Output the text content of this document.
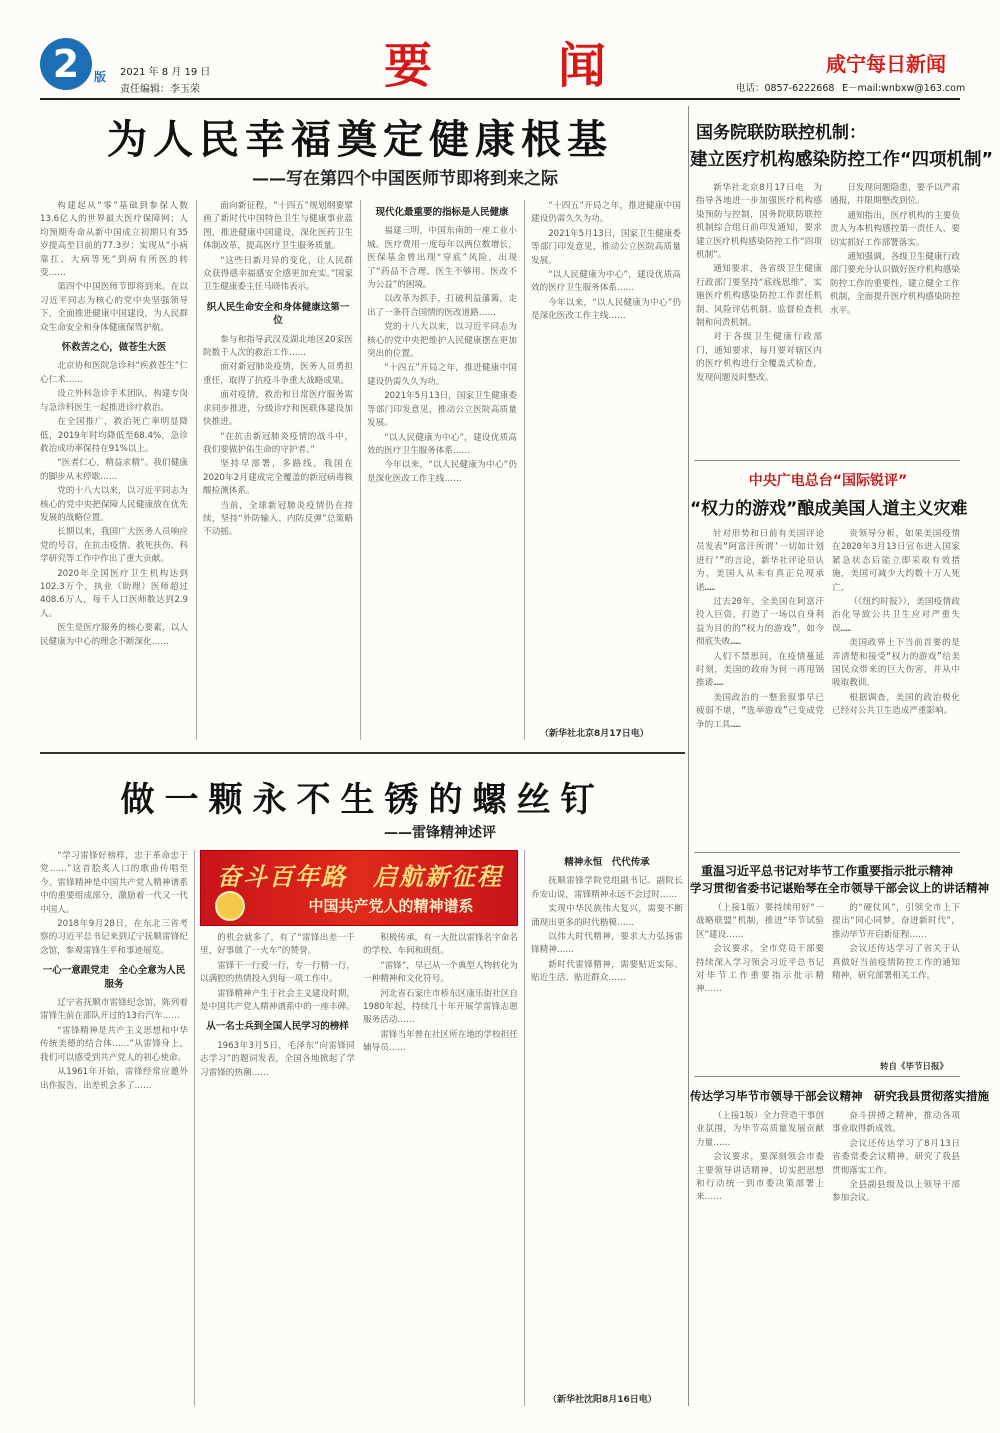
2	版 2021 年 8 月 19 日
责任编辑：李玉荣	要　　闻	咸宁每日新闻
电话：0857-6222668 E－mail:wnbxw@163.com
为人民幸福奠定健康根基
——写在第四个中国医师节即将到来之际

构建起从“零”基础到参保人数13.6亿人的世界最大医疗保障网；人均预期寿命从新中国成立初期只有35岁提高至目前的77.3岁；实现从“小病靠扛、大病等死”到病有所医的转变……

第四个中国医师节即将到来。在以习近平同志为核心的党中央坚强领导下，全面推进健康中国建设，为人民群众生命安全和身体健康保驾护航。

怀救苦之心，做苍生大医

北京协和医院急诊科“疾救苍生”仁心仁术……

设立外科急诊手术团队，构建专岗与急诊科医生一起推进诊疗救治。

在全国推广，救治死亡率明显降低，2019年时均降低至68.4%，急诊救治成功率保持在91%以上。

“医者仁心，精益求精”。我们健康的脚步从未停歇……

党的十八大以来，以习近平同志为核心的党中央把保障人民健康放在优先发展的战略位置。

长期以来，我国广大医务人员响应党的号召，在抗击疫情、救死扶伤、科学研究等工作中作出了重大贡献。

2020年全国医疗卫生机构达到102.3万个，执业（助理）医师超过408.6万人，每千人口医师数达到2.9人。

医生是医疗服务的核心要素，以人民健康为中心的理念不断深化……

面向新征程，“十四五”规划纲要擘画了新时代中国特色卫生与健康事业蓝图，推进健康中国建设，深化医药卫生体制改革，提高医疗卫生服务质量。

“这些日新月异的变化，让人民群众获得感幸福感安全感更加充实。”国家卫生健康委主任马晓伟表示。

织人民生命安全和身体健康这第一位

参与和指导武汉及湖北地区20家医院数千人次的救治工作……

面对新冠肺炎疫情，医务人员勇担重任，取得了抗疫斗争重大战略成果。

面对疫情，救治和日常医疗服务需求同步推进，分级诊疗和医联体建设加快推进。

“在抗击新冠肺炎疫情的战斗中，我们要做护佑生命的守护者。”

坚持早部署，多路线，我国在2020年2月建成完全覆盖的新冠病毒核酸检测体系。

当前，全球新冠肺炎疫情仍在持续，坚持“外防输入、内防反弹”总策略不动摇。

现代化最重要的指标是人民健康

福建三明，中国东南的一座工业小城。医疗费用一度每年以两位数增长，医保基金曾出现“穿底”风险，出现了“药品不合理、医生不够用、医改不为公益”的困境。

以改革为抓手，打破利益藩篱，走出了一条符合国情的医改道路……

党的十八大以来，以习近平同志为核心的党中央把维护人民健康摆在更加突出的位置。

“十四五”开局之年，推进健康中国建设仍需久久为功。

2021年5月13日，国家卫生健康委等部门印发意见，推动公立医院高质量发展。

“以人民健康为中心”，建设优质高效的医疗卫生服务体系……

今年以来，“以人民健康为中心”仍是深化医改工作主线……

“十四五”开局之年，推进健康中国建设仍需久久为功。

2021年5月13日，国家卫生健康委等部门印发意见，推动公立医院高质量发展。

“以人民健康为中心”，建设优质高效的医疗卫生服务体系……

今年以来，“以人民健康为中心”仍是深化医改工作主线……

（新华社北京8月17日电）
国务院联防联控机制：
建立医疗机构感染防控工作“四项机制”

新华社北京8月17日电　为指导各地进一步加强医疗机构感染预防与控制，国务院联防联控机制综合组日前印发通知，要求建立医疗机构感染防控工作“四项机制”。

通知要求，各省级卫生健康行政部门要坚持“底线思维”，实施医疗机构感染防控工作责任机制、风险评估机制、监督检查机制和问责机制。

对于各级卫生健康行政部门，通知要求，每月要对辖区内的医疗机构进行全覆盖式检查，发现问题及时整改。

日发现问题隐患，要予以严肃通报，并限期整改到位。

通知指出，医疗机构的主要负责人为本机构感控第一责任人，要切实抓好工作部署落实。

通知强调，各级卫生健康行政部门要充分认识做好医疗机构感染防控工作的重要性，建立健全工作机制，全面提升医疗机构感染防控水平。

中央广电总台“国际锐评”
“权力的游戏”酿成美国人道主义灾难

针对形势和日前有美国评论员发表“阿富汗所谓‘一切如计划进行’”的言论，新华社评论员认为，美国人从未有真正兑现承诺……

过去20年，全美国在阿富汗投入巨资，打造了一场以自身利益为目的的“权力的游戏”，如今彻底失败……

人们不禁思问，在疫情蔓延时刻，美国的政府为何一再甩锅推诿……

美国政治的一整套叙事早已疲弱不堪，“选举游戏”已变成党争的工具……

贵领导分析，如果美国疫情在2020年3月13日宣布进入国家紧急状态后能立即采取有效措施，美国可减少大约数十万人死亡。

（《纽约时报》），美国疫情政治化导致公共卫生应对严重失误……

美国政界上下当前首要的是弄清楚和接受“权力的游戏”给美国民众带来的巨大伤害，并从中吸取教训。

根据调查，美国的政治极化已经对公共卫生造成严重影响。

重温习近平总书记对毕节工作重要指示批示精神
学习贯彻省委书记谌贻琴在全市领导干部会议上的讲话精神

（上接1版）要持续用好“一战略联盟”机制，推进“毕节试验区”建设……

会议要求，全市党员干部要持续深入学习领会习近平总书记对毕节工作重要指示批示精神……

的“硬仗风”，引领全市上下提出“同心同梦，奋进新时代”，推动毕节开启新征程……

会议还传达学习了省关于认真做好当前疫情防控工作的通知精神，研究部署相关工作。

转自《毕节日报》
传达学习毕节市领导干部会议精神　研究我县贯彻落实措施

（上接1版）全力营造干事创业氛围，为毕节高质量发展贡献力量……

会议要求，要深刻领会市委主要领导讲话精神，切实把思想和行动统一到市委决策部署上来……

奋斗拼搏之精神，推动各项事业取得新成效。

会议还传达学习了8月13日省委常委会议精神，研究了我县贯彻落实工作。

全县副县级及以上领导干部参加会议。

做一颗永不生锈的螺丝钉
——雷锋精神述评

“学习雷锋好榜样，忠于革命忠于党……”这首脍炙人口的歌曲传唱至今。雷锋精神是中国共产党人精神谱系中的重要组成部分，激励着一代又一代中国人。

2018年9月28日，在东北三省考察的习近平总书记来到辽宁抚顺雷锋纪念馆，参观雷锋生平和事迹展览。

一心一意跟党走　全心全意为人民服务

辽宁省抚顺市雷锋纪念馆，陈列着雷锋生前在部队开过的13台汽车……

“雷锋精神是共产主义思想和中华传统美德的结合体……”从雷锋身上，我们可以感受到共产党人的初心使命。

从1961年开始，雷锋经常应邀外出作报告，出差机会多了……

奋斗百年路　启航新征程
中国共产党人的精神谱系

的机会就多了，有了“雷锋出差一千里，好事做了一火车”的赞誉。

雷锋干一行爱一行，专一行精一行，以满腔的热情投入到每一项工作中。

雷锋精神产生于社会主义建设时期，是中国共产党人精神谱系中的一座丰碑。

从一名士兵到全国人民学习的榜样

1963年3月5日，毛泽东“向雷锋同志学习”的题词发表，全国各地掀起了学习雷锋的热潮……

积极传承，有一大批以雷锋名字命名的学校、车间和班组。

“雷锋”，早已从一个典型人物转化为一种精神和文化符号。

河北省石家庄市桥东区康乐街社区自1980年起，持续几十年开展学雷锋志愿服务活动……

雷锋当年曾在社区所在地的学校担任辅导员……

精神永恒　代代传承

抚顺雷锋学院党组副书记、副院长乔安山说，雷锋精神永远不会过时……

实现中华民族伟大复兴，需要不断涌现出更多的时代楷模……

以伟大时代精神，要求大力弘扬雷锋精神……

新时代雷锋精神，需要贴近实际、贴近生活、贴近群众……

（新华社沈阳8月16日电）
